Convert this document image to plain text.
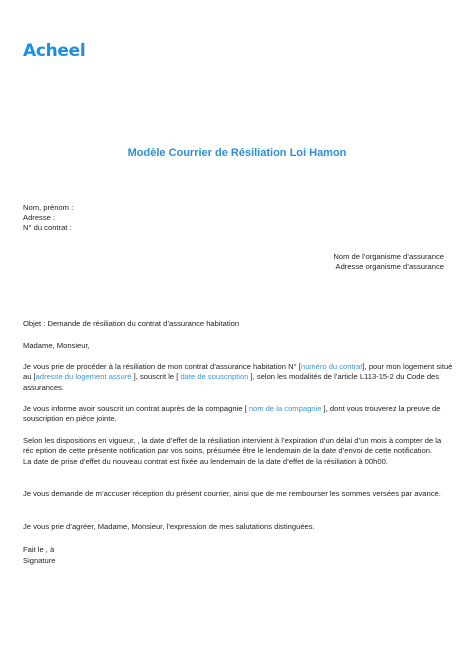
Acheel
Modèle Courrier de Résiliation Loi Hamon
Nom, prénom :
Adresse :
N° du contrat :
Nom de l’organisme d’assurance
Adresse organisme d’assurance
Objet : Demande de résiliation du contrat d’assurance habitation
Madame, Monsieur,
Je vous prie de procéder à la résiliation de mon contrat d’assurance habitation N° [numéro du contrat], pour mon logement situé au [adresse du logement assuré ], souscrit le [ date de souscription ], selon les modalités de l’article L113-15-2 du Code des assurances.
Je vous informe avoir souscrit un contrat auprès de la compagnie [ nom de la compagnie ], dont vous trouverez la preuve de souscription en pièce jointe.
Selon les dispositions en vigueur, , la date d’effet de la résiliation intervient à l’expiration d’un délai d’un mois à compter de la réc eption de cette présente notification par vos soins, présumée être le lendemain de la date d’envoi de cette notification.
La date de prise d’effet du nouveau contrat est fixée au lendemain de la date d’effet de la résiliation à 00h00.
Je vous demande de m’accuser réception du présent courrier, ainsi que de me rembourser les sommes versées par avance.
Je vous prie d’agréer, Madame, Monsieur, l’expression de mes salutations distinguées.
Fait le , à
Signature
